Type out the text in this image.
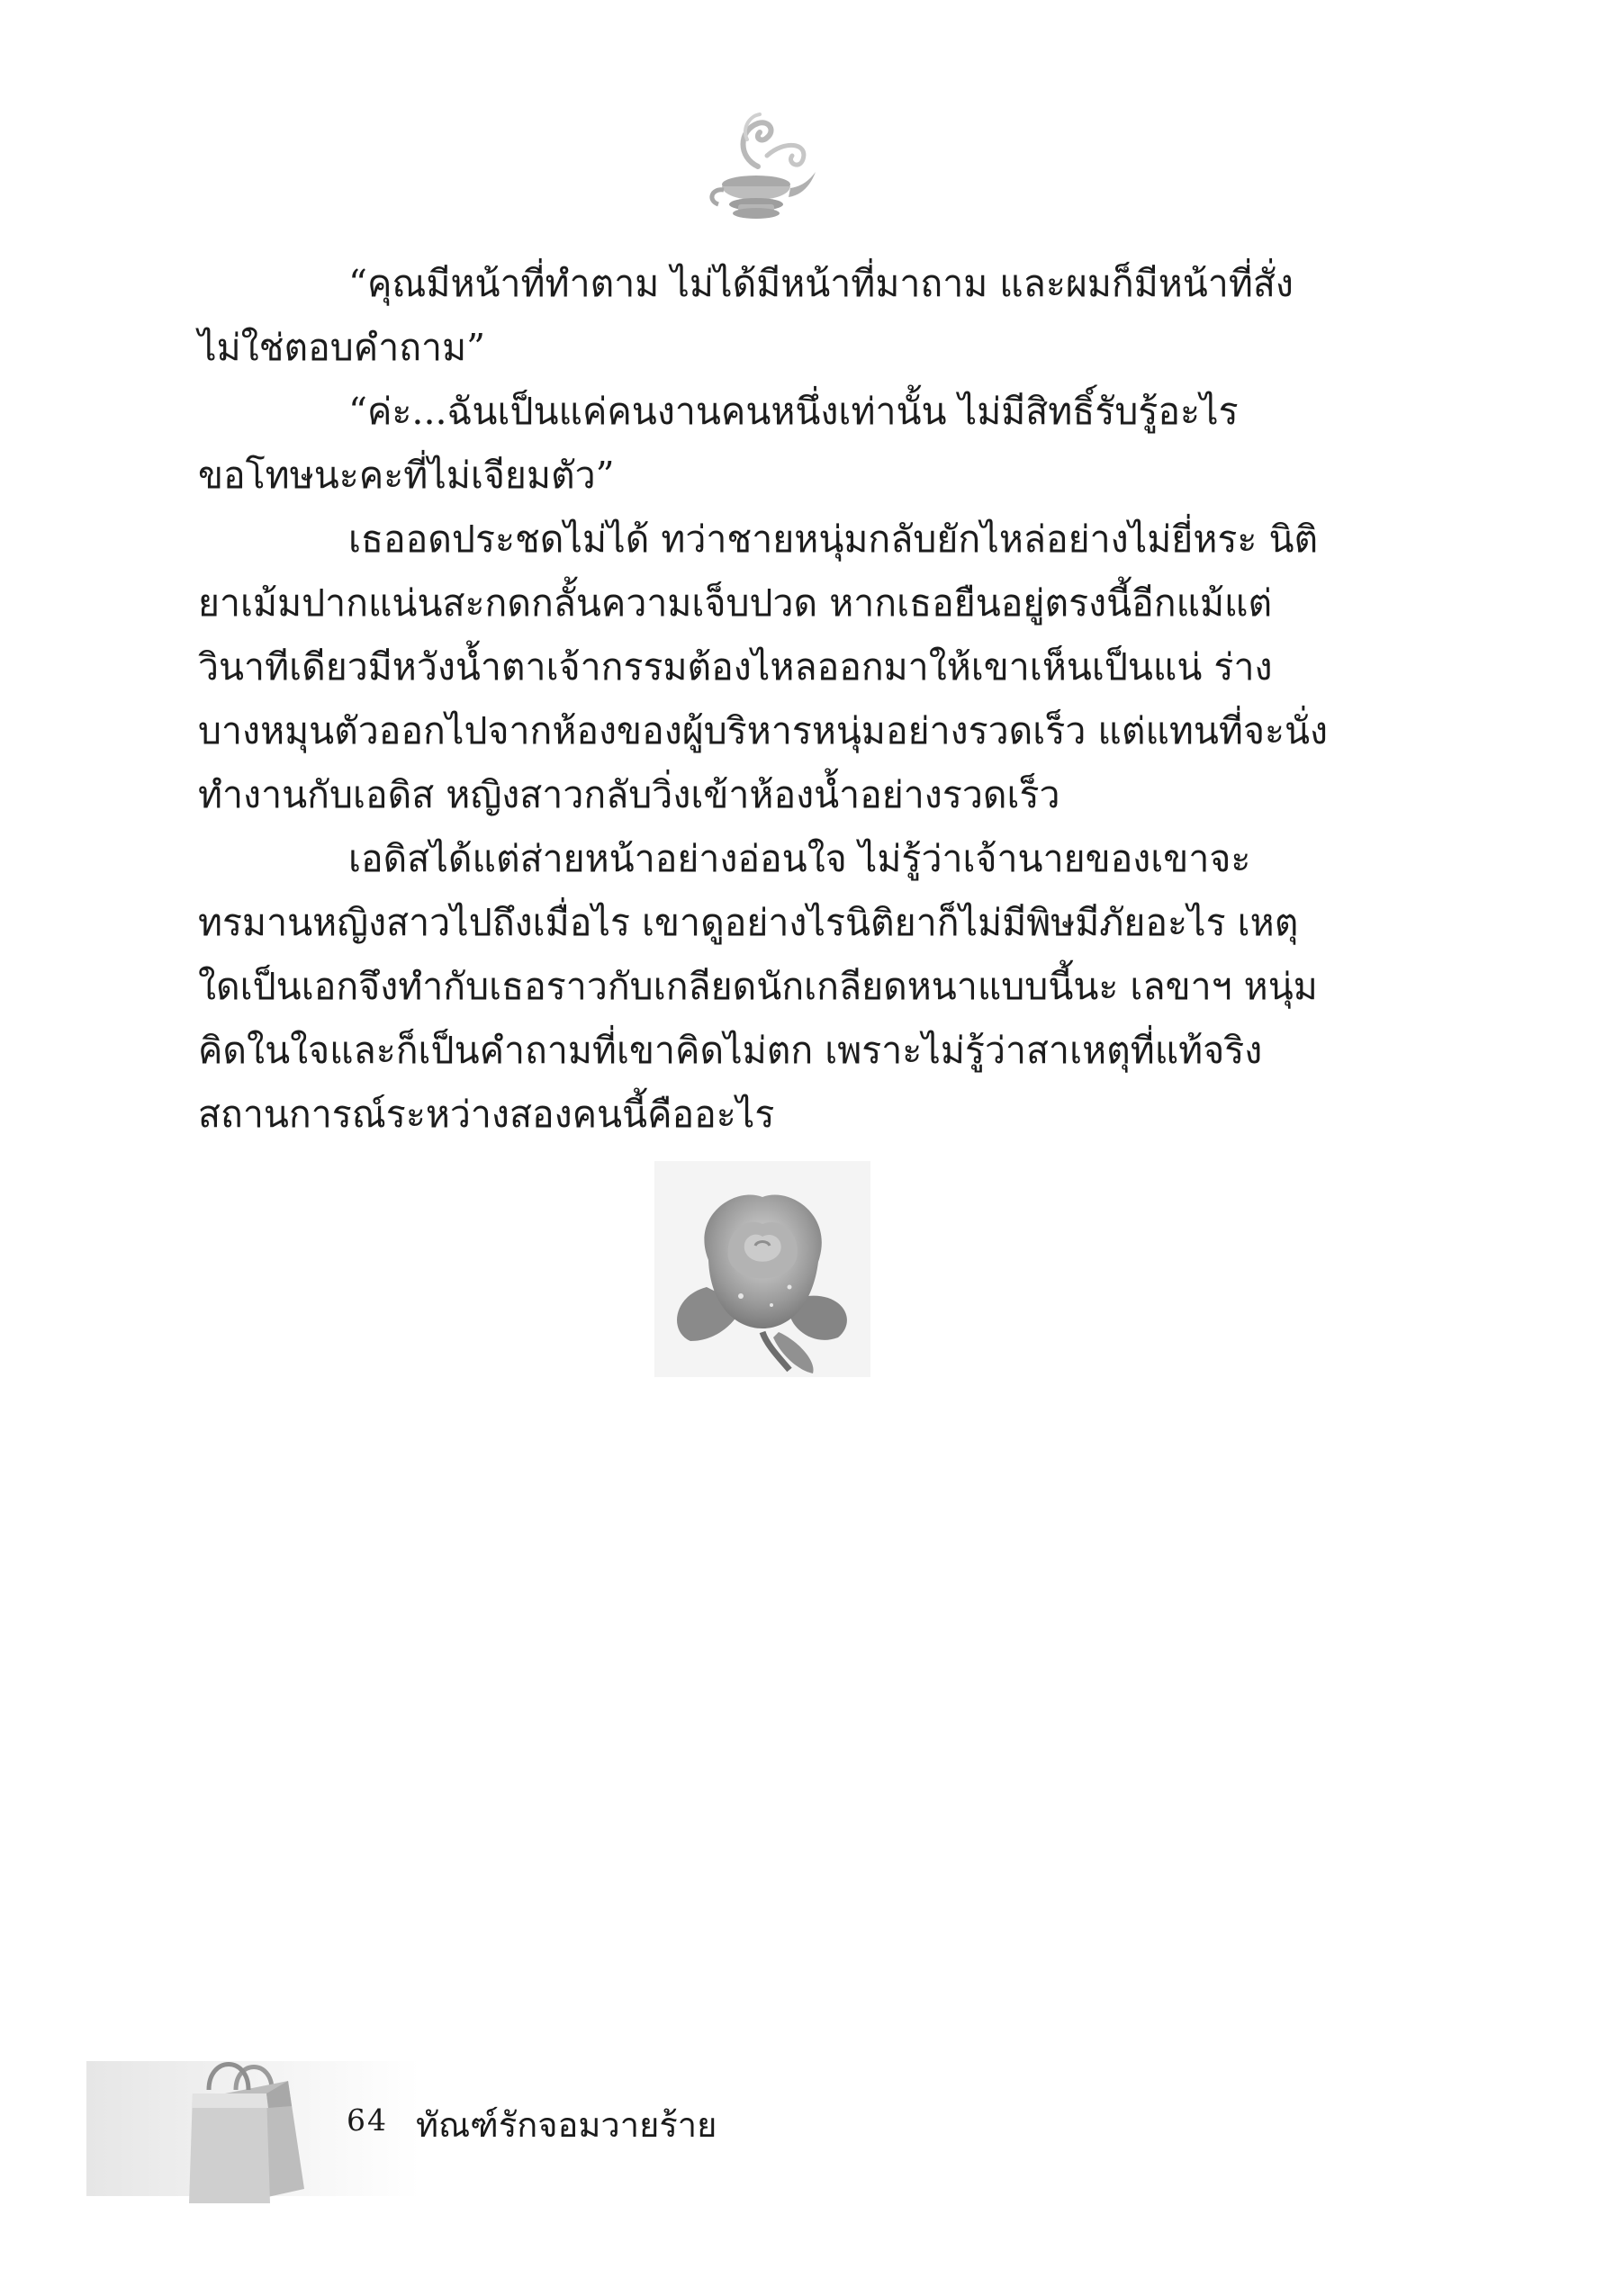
“คุณมีหน้าที่ทำตาม ไม่ได้มีหน้าที่มาถาม และผมก็มีหน้าที่สั่ง ไม่ใช่ตอบคำถาม”

“ค่ะ...ฉันเป็นแค่คนงานคนหนึ่งเท่านั้น ไม่มีสิทธิ์รับรู้อะไร ขอโทษนะคะที่ไม่เจียมตัว”

เธออดประชดไม่ได้ ทว่าชายหนุ่มกลับยักไหล่อย่างไม่ยี่หระ นิติยาเม้มปากแน่นสะกดกลั้นความเจ็บปวด หากเธอยืนอยู่ตรงนี้อีกแม้แต่วินาทีเดียวมีหวังน้ำตาเจ้ากรรมต้องไหลออกมาให้เขาเห็นเป็นแน่ ร่างบางหมุนตัวออกไปจากห้องของผู้บริหารหนุ่มอย่างรวดเร็ว แต่แทนที่จะนั่งทำงานกับเอดิส หญิงสาวกลับวิ่งเข้าห้องน้ำอย่างรวดเร็ว

เอดิสได้แต่ส่ายหน้าอย่างอ่อนใจ ไม่รู้ว่าเจ้านายของเขาจะทรมานหญิงสาวไปถึงเมื่อไร เขาดูอย่างไรนิติยาก็ไม่มีพิษมีภัยอะไร เหตุใดเป็นเอกจึงทำกับเธอราวกับเกลียดนักเกลียดหนาแบบนี้นะ เลขาฯ หนุ่มคิดในใจและก็เป็นคำถามที่เขาคิดไม่ตก เพราะไม่รู้ว่าสาเหตุที่แท้จริง สถานการณ์ระหว่างสองคนนี้คืออะไร

64 ทัณฑ์รักจอมวายร้าย
